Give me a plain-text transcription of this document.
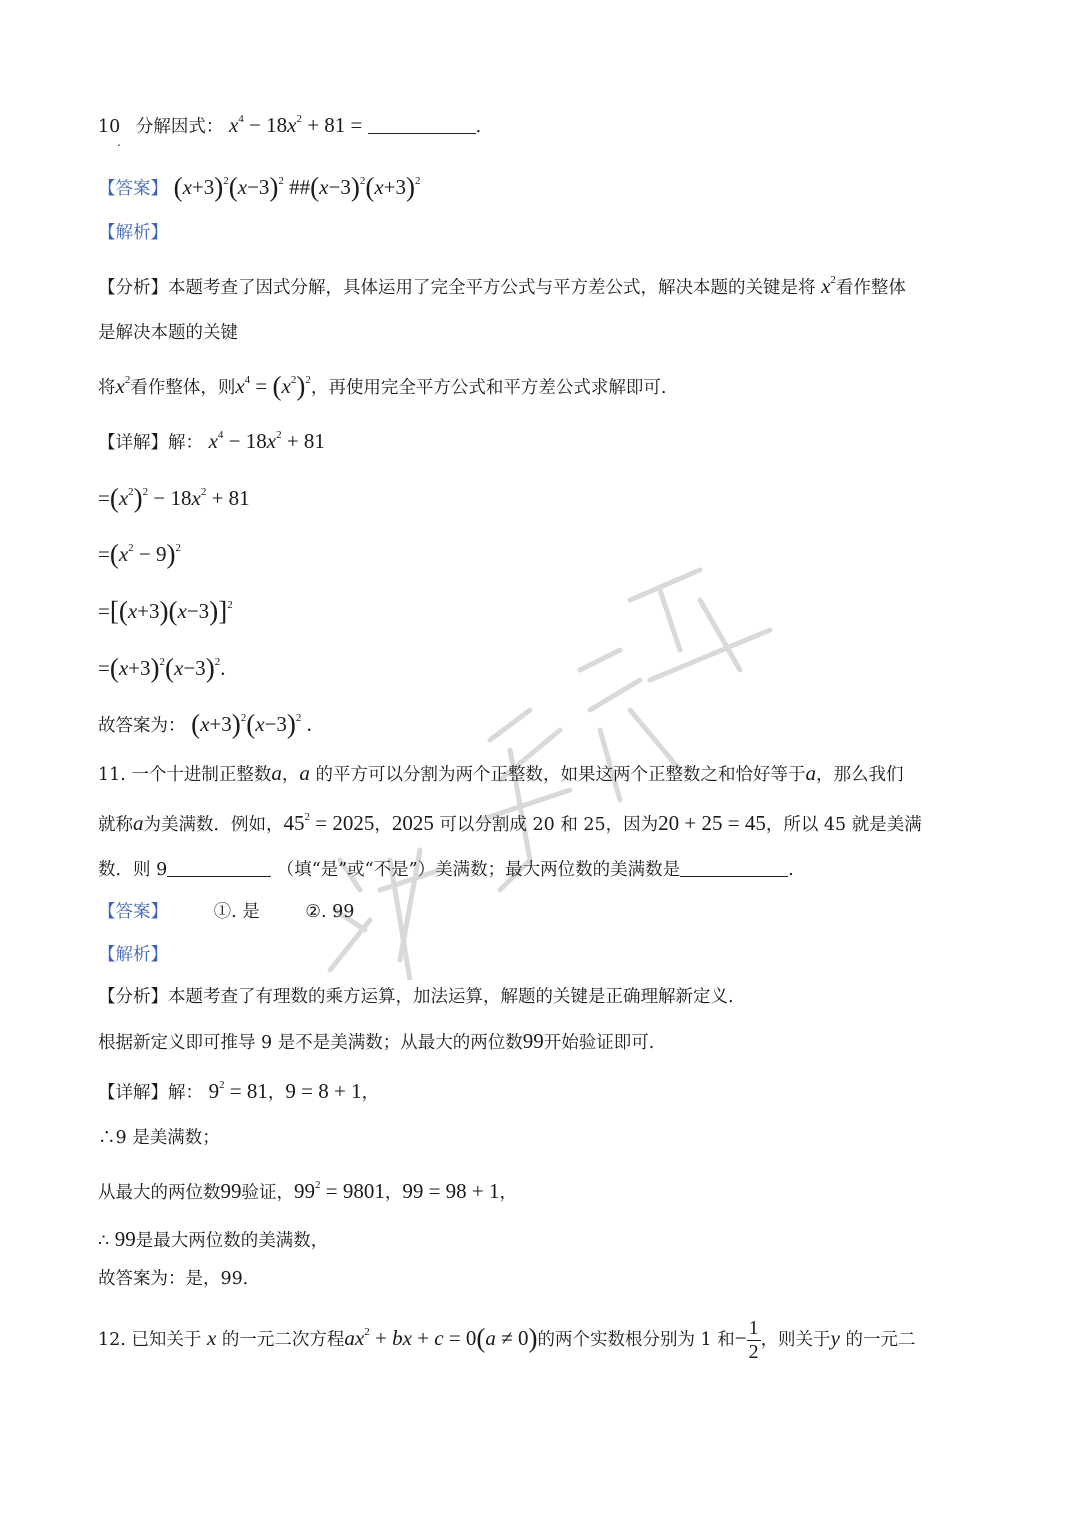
10 分解因式： $x^4 - 18x^2 + 81$ =	.
.
【答案】 $(x+3)^2(x-3)^2$ $\#\#(x-3)^2(x+3)^2$
【解析】
【分析】本题考查了因式分解，具体运用了完全平方公式与平方差公式，解决本题的关键是将 $x^2$看作整体
是解决本题的关键
将$x^2$看作整体，则$x^4 = (x^2)^2$，再使用完全平方公式和平方差公式求解即可.
【详解】解： $x^4 - 18x^2 + 81$
$=(x^2)^2 - 18x^2 + 81$
$=(x^2 - 9)^2$
$=[(x+3)(x-3)]^2$
$=(x+3)^2(x-3)^2$.
故答案为： $(x+3)^2(x-3)^2$ .
11. 一个十进制正整数a，a 的平方可以分割为两个正整数，如果这两个正整数之和恰好等于a，那么我们
就称a为美满数．例如，$45^2 = 2025$，2025 可以分割成 20 和 25，因为20 + 25 = 45，所以 45 就是美满
数．则 9	（填“是”或“不是”）美满数；最大两位数的美满数是	.
【答案】	①. 是	②. 99
【解析】
【分析】本题考查了有理数的乘方运算，加法运算，解题的关键是正确理解新定义.
根据新定义即可推导 9 是不是美满数；从最大的两位数99开始验证即可.
【详解】解： $9^2 = 81$，9 = 8 + 1，
∴9 是美满数；
从最大的两位数99验证，$99^2 = 9801$，99 = 98 + 1，
∴ 99是最大两位数的美满数，
故答案为：是，99．
12. 已知关于 x 的一元二次方程$ax^2$ + bx + c = 0(a ≠ 0)的两个实数根分别为 1 和− $\frac{1}{2}$ ，则关于y 的一元二
